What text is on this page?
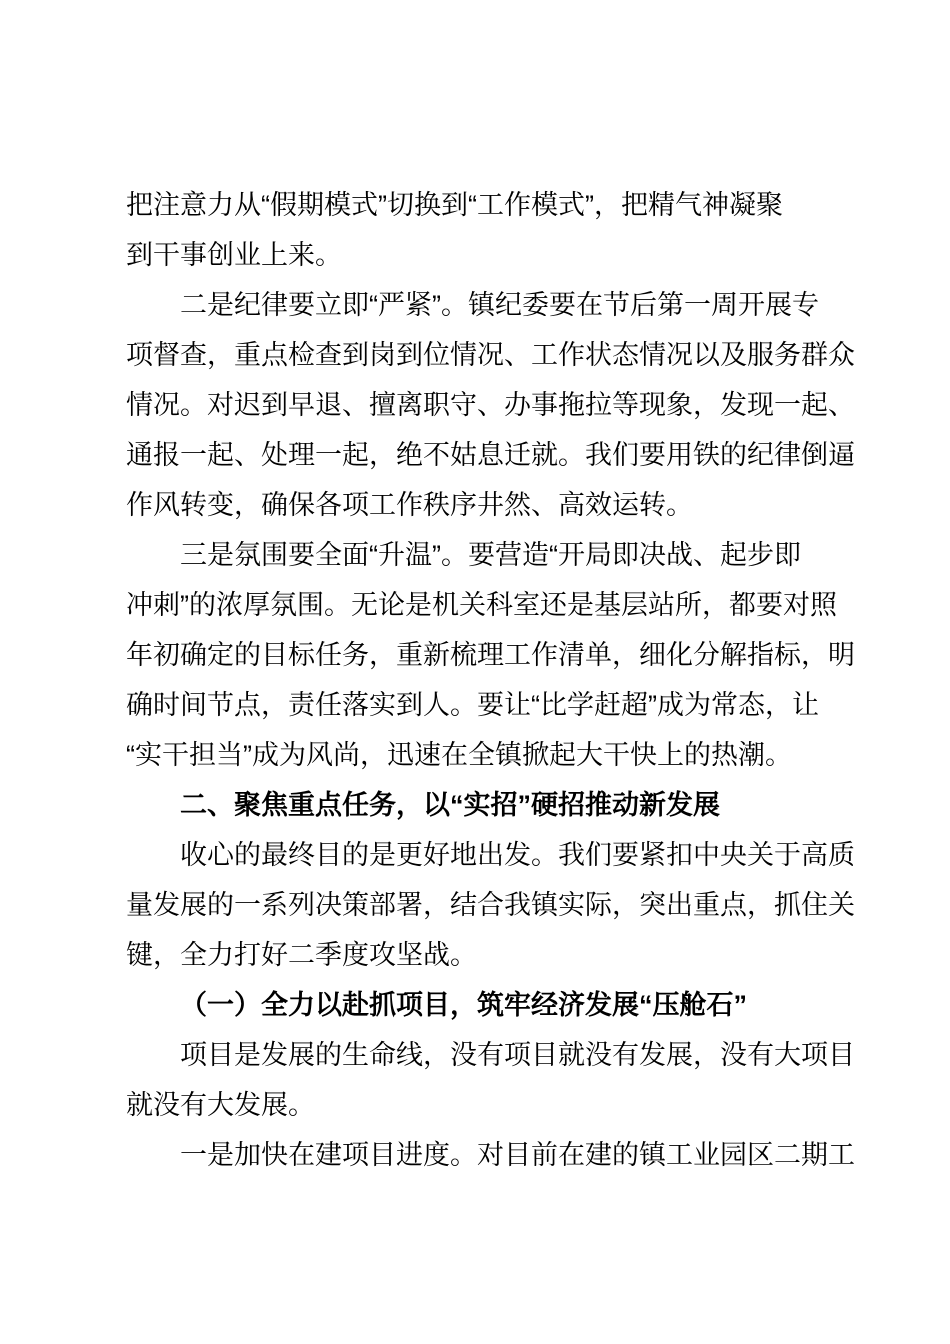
把注意力从“假期模式”切换到“工作模式”，把精气神凝聚
到干事创业上来。
二是纪律要立即“严紧”。镇纪委要在节后第一周开展专
项督查，重点检查到岗到位情况、工作状态情况以及服务群众
情况。对迟到早退、擅离职守、办事拖拉等现象，发现一起、
通报一起、处理一起，绝不姑息迁就。我们要用铁的纪律倒逼
作风转变，确保各项工作秩序井然、高效运转。
三是氛围要全面“升温”。要营造“开局即决战、起步即
冲刺”的浓厚氛围。无论是机关科室还是基层站所，都要对照
年初确定的目标任务，重新梳理工作清单，细化分解指标，明
确时间节点，责任落实到人。要让“比学赶超”成为常态，让
“实干担当”成为风尚，迅速在全镇掀起大干快上的热潮。
二、聚焦重点任务，以“实招”硬招推动新发展
收心的最终目的是更好地出发。我们要紧扣中央关于高质
量发展的一系列决策部署，结合我镇实际，突出重点，抓住关
键，全力打好二季度攻坚战。
（一）全力以赴抓项目，筑牢经济发展“压舱石”
项目是发展的生命线，没有项目就没有发展，没有大项目
就没有大发展。
一是加快在建项目进度。对目前在建的镇工业园区二期工
